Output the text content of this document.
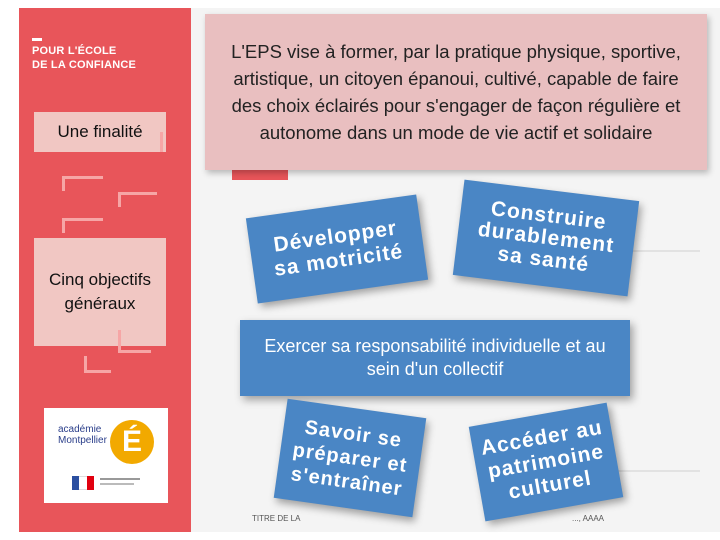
POUR L'ÉCOLE
DE LA CONFIANCE
Une finalité
Cinq objectifs généraux
académie
Montpellier É
L'EPS vise à former, par la pratique physique, sportive, artistique, un citoyen épanoui, cultivé, capable de faire des choix éclairés pour s'engager de façon régulière et autonome dans un mode de vie actif et solidaire
Développer sa motricité
Construire durablement sa santé
Exercer sa responsabilité individuelle et au sein d'un collectif
TITRE DE LA	..., AAAA
Savoir se préparer et s'entraîner
Accéder au patrimoine culturel
